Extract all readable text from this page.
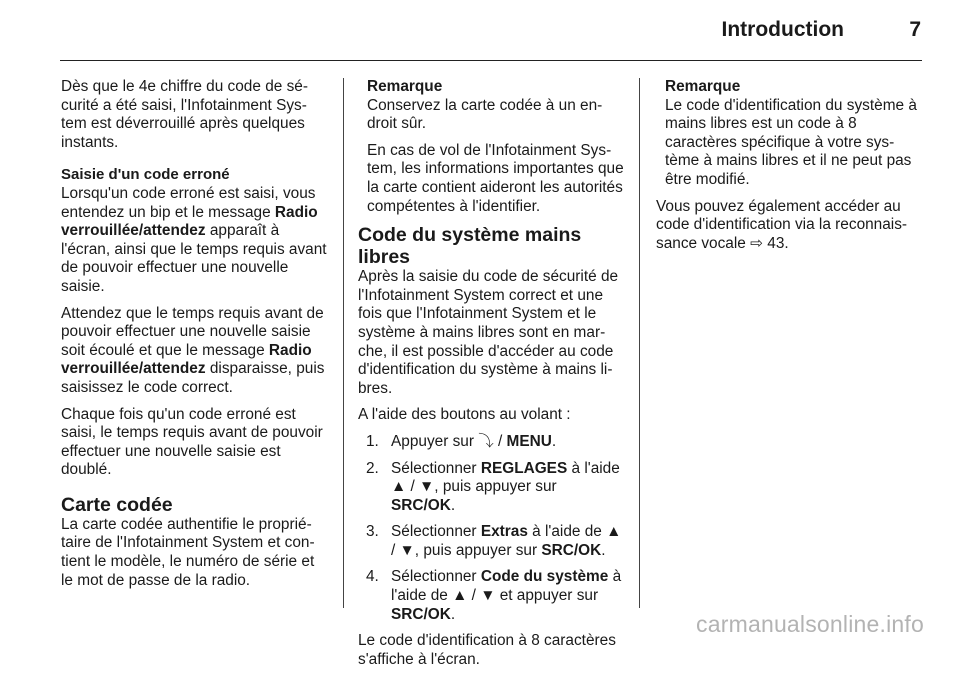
Introduction	7

Dès que le 4e chiffre du code de sécurité a été saisi, l'Infotainment System est déverrouillé après quelques instants.

Saisie d'un code erroné

Lorsqu'un code erroné est saisi, vous entendez un bip et le message Radio verrouillée/attendez apparaît à l'écran, ainsi que le temps requis avant de pouvoir effectuer une nouvelle saisie.

Attendez que le temps requis avant de pouvoir effectuer une nouvelle saisie soit écoulé et que le message Radio verrouillée/attendez disparaisse, puis saisissez le code correct.

Chaque fois qu'un code erroné est saisi, le temps requis avant de pouvoir effectuer une nouvelle saisie est doublé.

Carte codée

La carte codée authentifie le propriétaire de l'Infotainment System et contient le modèle, le numéro de série et le mot de passe de la radio.

Remarque

Conservez la carte codée à un endroit sûr.

En cas de vol de l'Infotainment System, les informations importantes que la carte contient aideront les autorités compétentes à l'identifier.

Code du système mains libres

Après la saisie du code de sécurité de l'Infotainment System correct et une fois que l'Infotainment System et le système à mains libres sont en marche, il est possible d'accéder au code d'identification du système à mains libres.

A l'aide des boutons au volant :

1. Appuyer sur ⤵ / MENU.
2. Sélectionner REGLAGES à l'aide ▲ / ▼, puis appuyer sur SRC/OK.
3. Sélectionner Extras à l'aide de ▲ / ▼, puis appuyer sur SRC/OK.
4. Sélectionner Code du système à l'aide de ▲ / ▼ et appuyer sur SRC/OK.

Le code d'identification à 8 caractères s'affiche à l'écran.

Remarque

Le code d'identification du système à mains libres est un code à 8 caractères spécifique à votre système à mains libres et il ne peut pas être modifié.

Vous pouvez également accéder au code d'identification via la reconnaissance vocale ⇨ 43.

carmanualsonline.info
